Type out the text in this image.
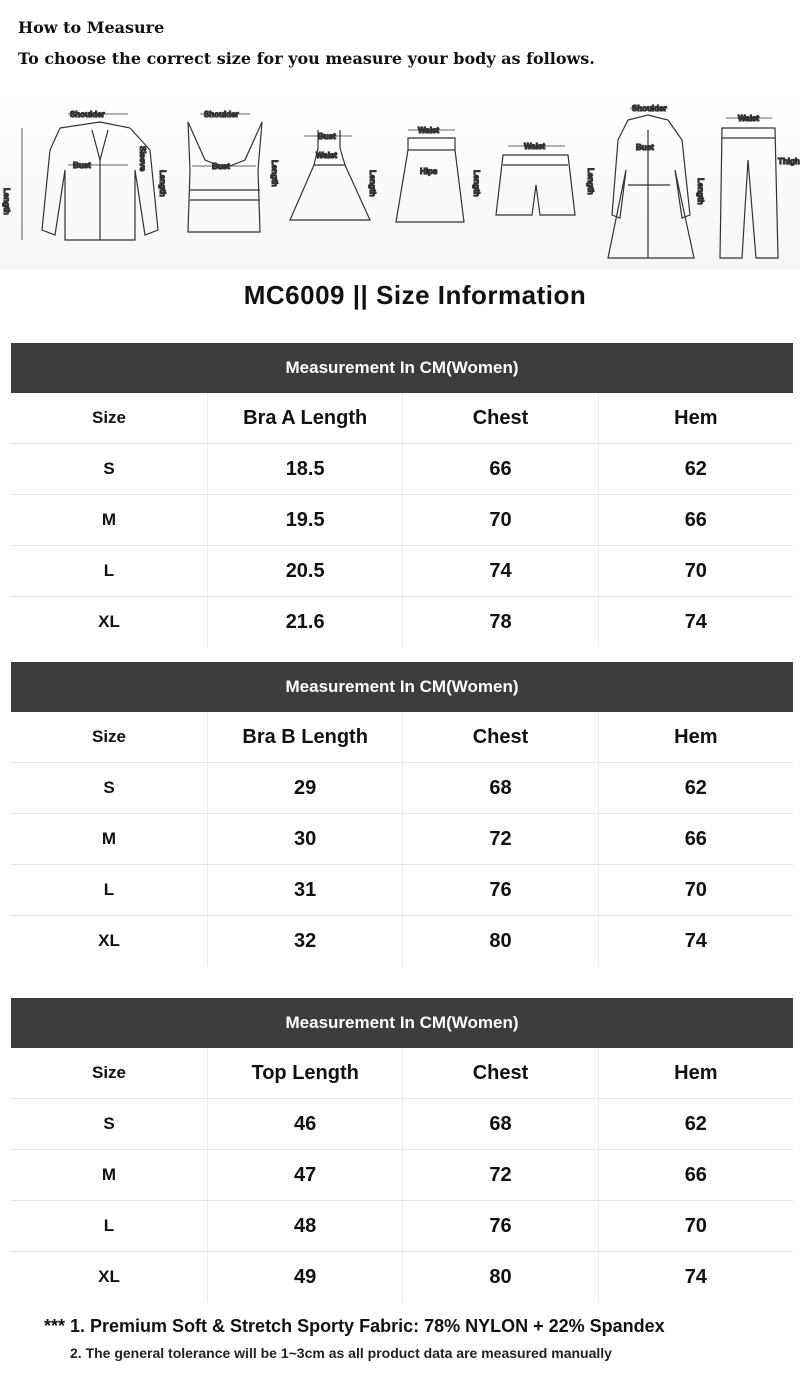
How to Measure

To choose the correct size for you measure your body as follows.

Shoulder
Bust
Length
Sleeve
Shoulder
Bust
Length
Bust
Waist
Length
Waist
Hips
Length
Waist
Length
Shoulder
Bust
Length
Waist
Thigh
Length
MC6009 || Size Information
Measurement In CM(Women)
Size	Bra A Length	Chest	Hem
S	18.5	66	62
M	19.5	70	66
L	20.5	74	70
XL	21.6	78	74
Measurement In CM(Women)
Size	Bra B Length	Chest	Hem
S	29	68	62
M	30	72	66
L	31	76	70
XL	32	80	74
Measurement In CM(Women)
Size	Top Length	Chest	Hem
S	46	68	62
M	47	72	66
L	48	76	70
XL	49	80	74

*** 1. Premium Soft & Stretch Sporty Fabric: 78% NYLON + 22% Spandex

2. The general tolerance will be 1~3cm as all product data are measured manually
